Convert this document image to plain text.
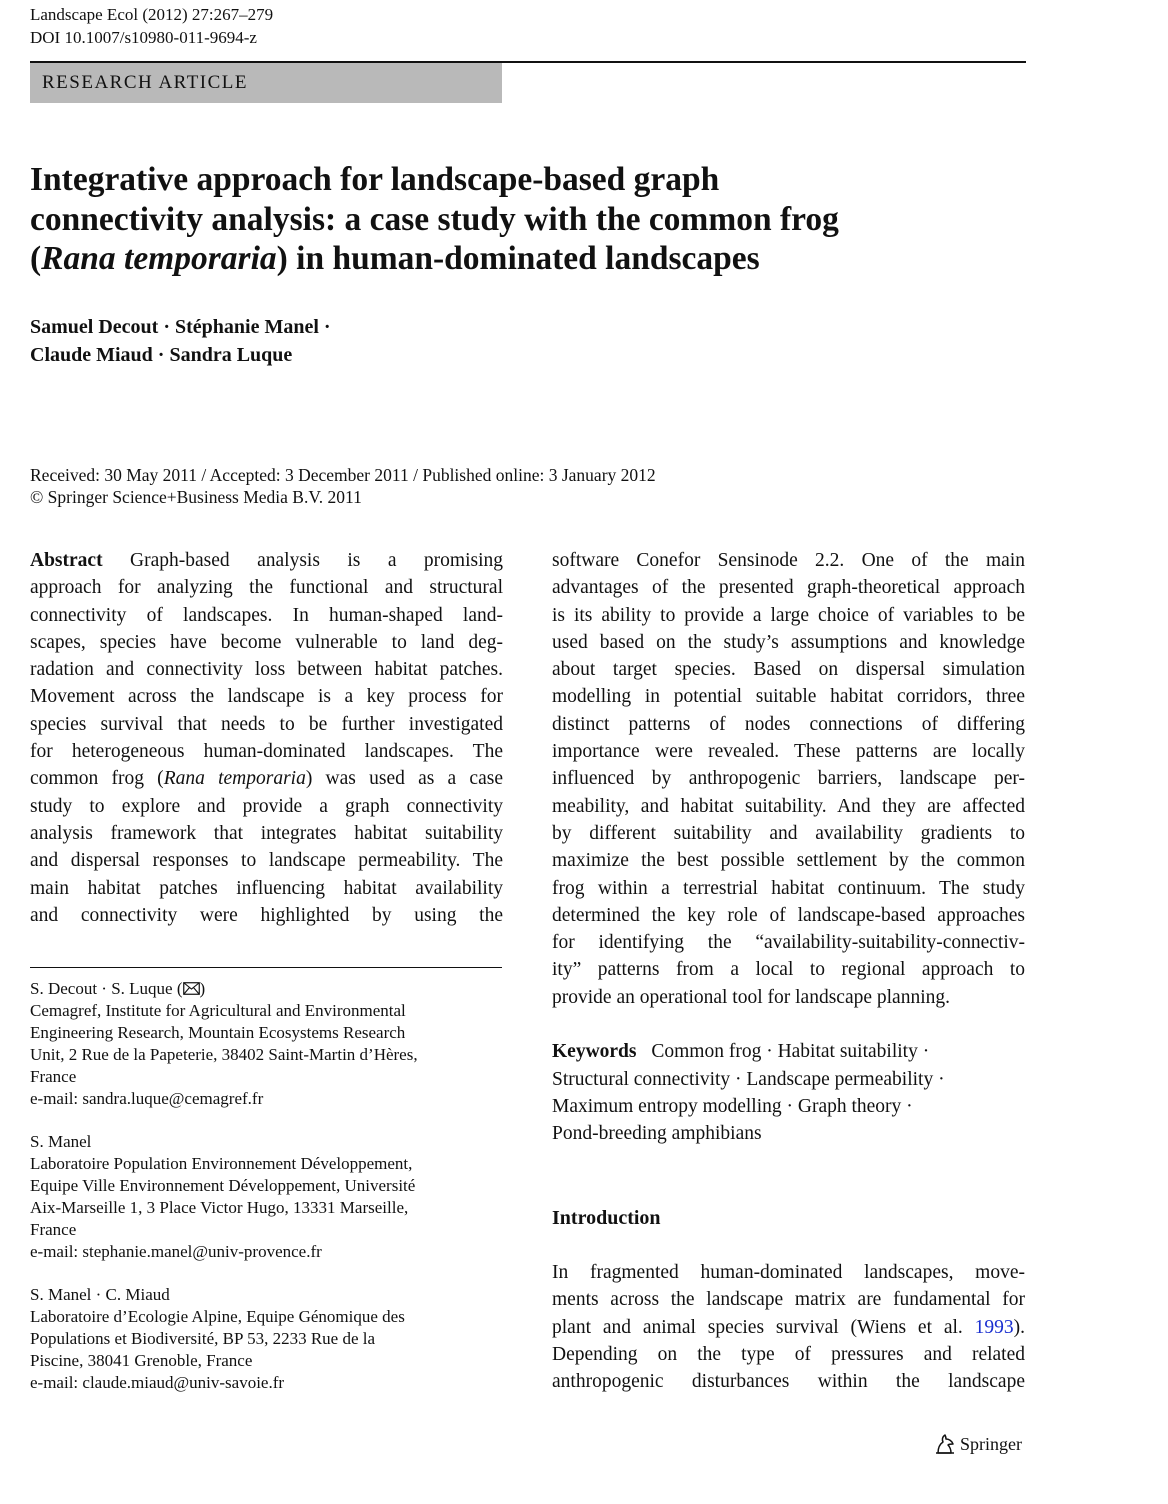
Landscape Ecol (2012) 27:267–279
DOI 10.1007/s10980-011-9694-z
RESEARCH ARTICLE
Integrative approach for landscape-based graph
connectivity analysis: a case study with the common frog
(Rana temporaria) in human-dominated landscapes
Samuel Decout · Stéphanie Manel ·
Claude Miaud · Sandra Luque
Received: 30 May 2011 / Accepted: 3 December 2011 / Published online: 3 January 2012
© Springer Science+Business Media B.V. 2011
Abstract Graph-based analysis is a promising
approach for analyzing the functional and structural
connectivity of landscapes. In human-shaped land-
scapes, species have become vulnerable to land deg-
radation and connectivity loss between habitat patches.
Movement across the landscape is a key process for
species survival that needs to be further investigated
for heterogeneous human-dominated landscapes. The
common frog (Rana temporaria) was used as a case
study to explore and provide a graph connectivity
analysis framework that integrates habitat suitability
and dispersal responses to landscape permeability. The
main habitat patches influencing habitat availability
and connectivity were highlighted by using the
S. Decout · S. Luque ( )
Cemagref, Institute for Agricultural and Environmental
Engineering Research, Mountain Ecosystems Research
Unit, 2 Rue de la Papeterie, 38402 Saint-Martin d’Hères,
France
e-mail: sandra.luque@cemagref.fr
S. Manel
Laboratoire Population Environnement Développement,
Equipe Ville Environnement Développement, Université
Aix-Marseille 1, 3 Place Victor Hugo, 13331 Marseille,
France
e-mail: stephanie.manel@univ-provence.fr
S. Manel · C. Miaud
Laboratoire d’Ecologie Alpine, Equipe Génomique des
Populations et Biodiversité, BP 53, 2233 Rue de la
Piscine, 38041 Grenoble, France
e-mail: claude.miaud@univ-savoie.fr
software Conefor Sensinode 2.2. One of the main
advantages of the presented graph-theoretical approach
is its ability to provide a large choice of variables to be
used based on the study’s assumptions and knowledge
about target species. Based on dispersal simulation
modelling in potential suitable habitat corridors, three
distinct patterns of nodes connections of differing
importance were revealed. These patterns are locally
influenced by anthropogenic barriers, landscape per-
meability, and habitat suitability. And they are affected
by different suitability and availability gradients to
maximize the best possible settlement by the common
frog within a terrestrial habitat continuum. The study
determined the key role of landscape-based approaches
for identifying the “availability-suitability-connectiv-
ity” patterns from a local to regional approach to
provide an operational tool for landscape planning.
Keywords Common frog · Habitat suitability ·
Structural connectivity · Landscape permeability ·
Maximum entropy modelling · Graph theory ·
Pond-breeding amphibians
Introduction
In fragmented human-dominated landscapes, move-
ments across the landscape matrix are fundamental for
plant and animal species survival (Wiens et al. 1993).
Depending on the type of pressures and related
anthropogenic disturbances within the landscape
Springer
